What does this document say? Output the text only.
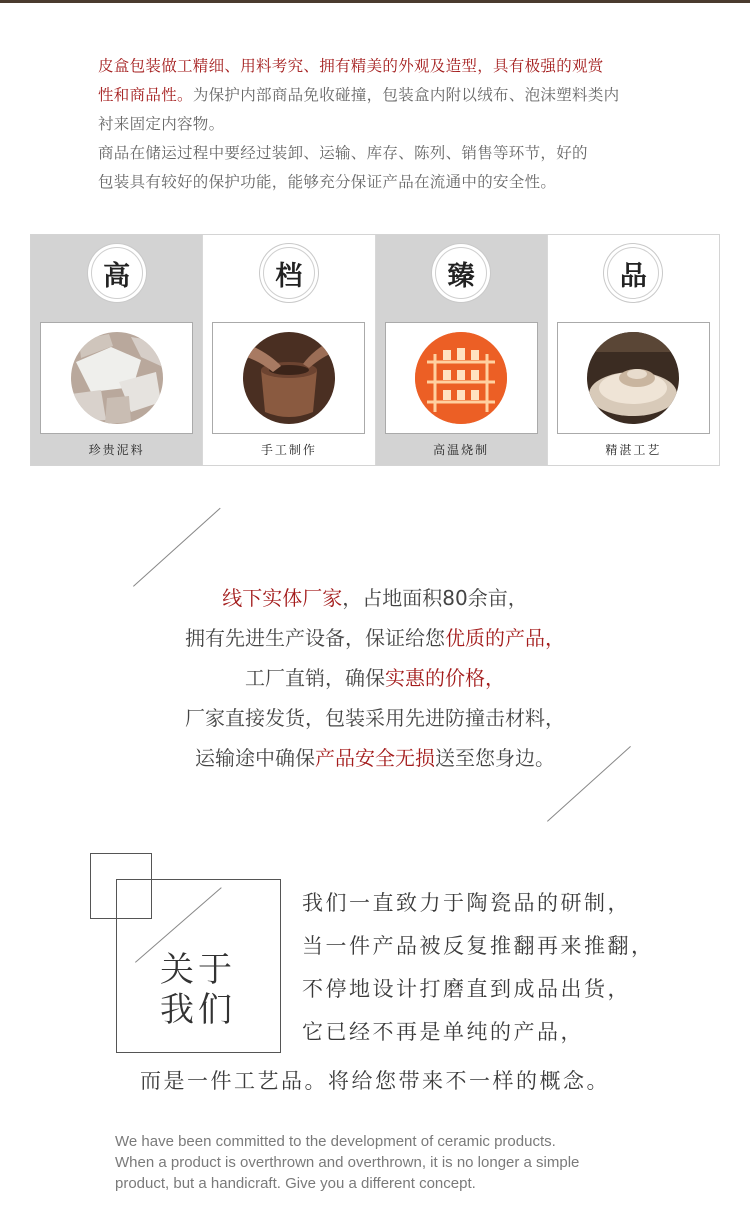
皮盒包装做工精细、用料考究、拥有精美的外观及造型，具有极强的观赏

性和商品性。为保护内部商品免收碰撞，包装盒内附以绒布、泡沫塑料类内

衬来固定内容物。

商品在储运过程中要经过装卸、运输、库存、陈列、销售等环节，好的

包装具有较好的保护功能，能够充分保证产品在流通中的安全性。

高
珍贵泥料
档
手工制作
臻
高温烧制
品
精湛工艺

线下实体厂家，占地面积80余亩，

拥有先进生产设备，保证给您优质的产品，

工厂直销，确保实惠的价格，

厂家直接发货，包装采用先进防撞击材料，

运输途中确保产品安全无损送至您身边。

关于
我们

我们一直致力于陶瓷品的研制，

当一件产品被反复推翻再来推翻，

不停地设计打磨直到成品出货，

它已经不再是单纯的产品，

而是一件工艺品。将给您带来不一样的概念。

We have been committed to the development of ceramic products.

When a product is overthrown and overthrown, it is no longer a simple

product, but a handicraft. Give you a different concept.
